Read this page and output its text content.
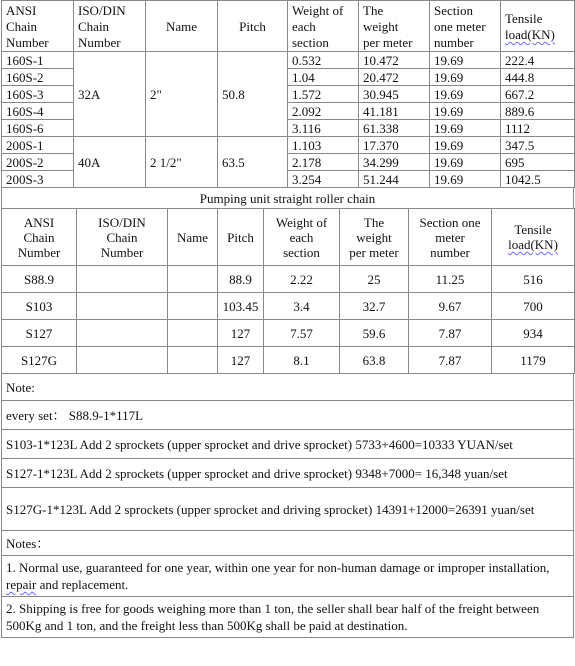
ANSI
Chain
Number	ISO/DIN
Chain
Number	Name	Pitch	Weight of
each
section	The
weight
per meter	Section
one meter
number	Tensile
load(KN)
160S-1	32A	2"	50.8	0.532	10.472	19.69	222.4
160S-2				1.04	20.472	19.69	444.8
160S-3				1.572	30.945	19.69	667.2
160S-4				2.092	41.181	19.69	889.6
160S-6				3.116	61.338	19.69	1112
200S-1	40A	2 1/2"	63.5	1.103	17.370	19.69	347.5
200S-2				2.178	34.299	19.69	695
200S-3				3.254	51.244	19.69	1042.5
Pumping unit straight roller chain
ANSI
Chain
Number	ISO/DIN
Chain
Number	Name	Pitch	Weight of
each
section	The
weight
per meter	Section one
meter
number	Tensile
load(KN)
S88.9			88.9	2.22	25	11.25	516
S103			103.45	3.4	32.7	9.67	700
S127			127	7.57	59.6	7.87	934
S127G			127	8.1	63.8	7.87	1179
Note:
every set： S88.9-1*117L
S103-1*123L Add 2 sprockets (upper sprocket and drive sprocket) 5733+4600=10333 YUAN/set
S127-1*123L Add 2 sprockets (upper sprocket and drive sprocket) 9348+7000= 16,348 yuan/set
S127G-1*123L Add 2 sprockets (upper sprocket and driving sprocket) 14391+12000=26391 yuan/set
Notes：
1. Normal use, guaranteed for one year, within one year for non-human damage or improper installation, repair and replacement.
2. Shipping is free for goods weighing more than 1 ton, the seller shall bear half of the freight between 500Kg and 1 ton, and the freight less than 500Kg shall be paid at destination.
